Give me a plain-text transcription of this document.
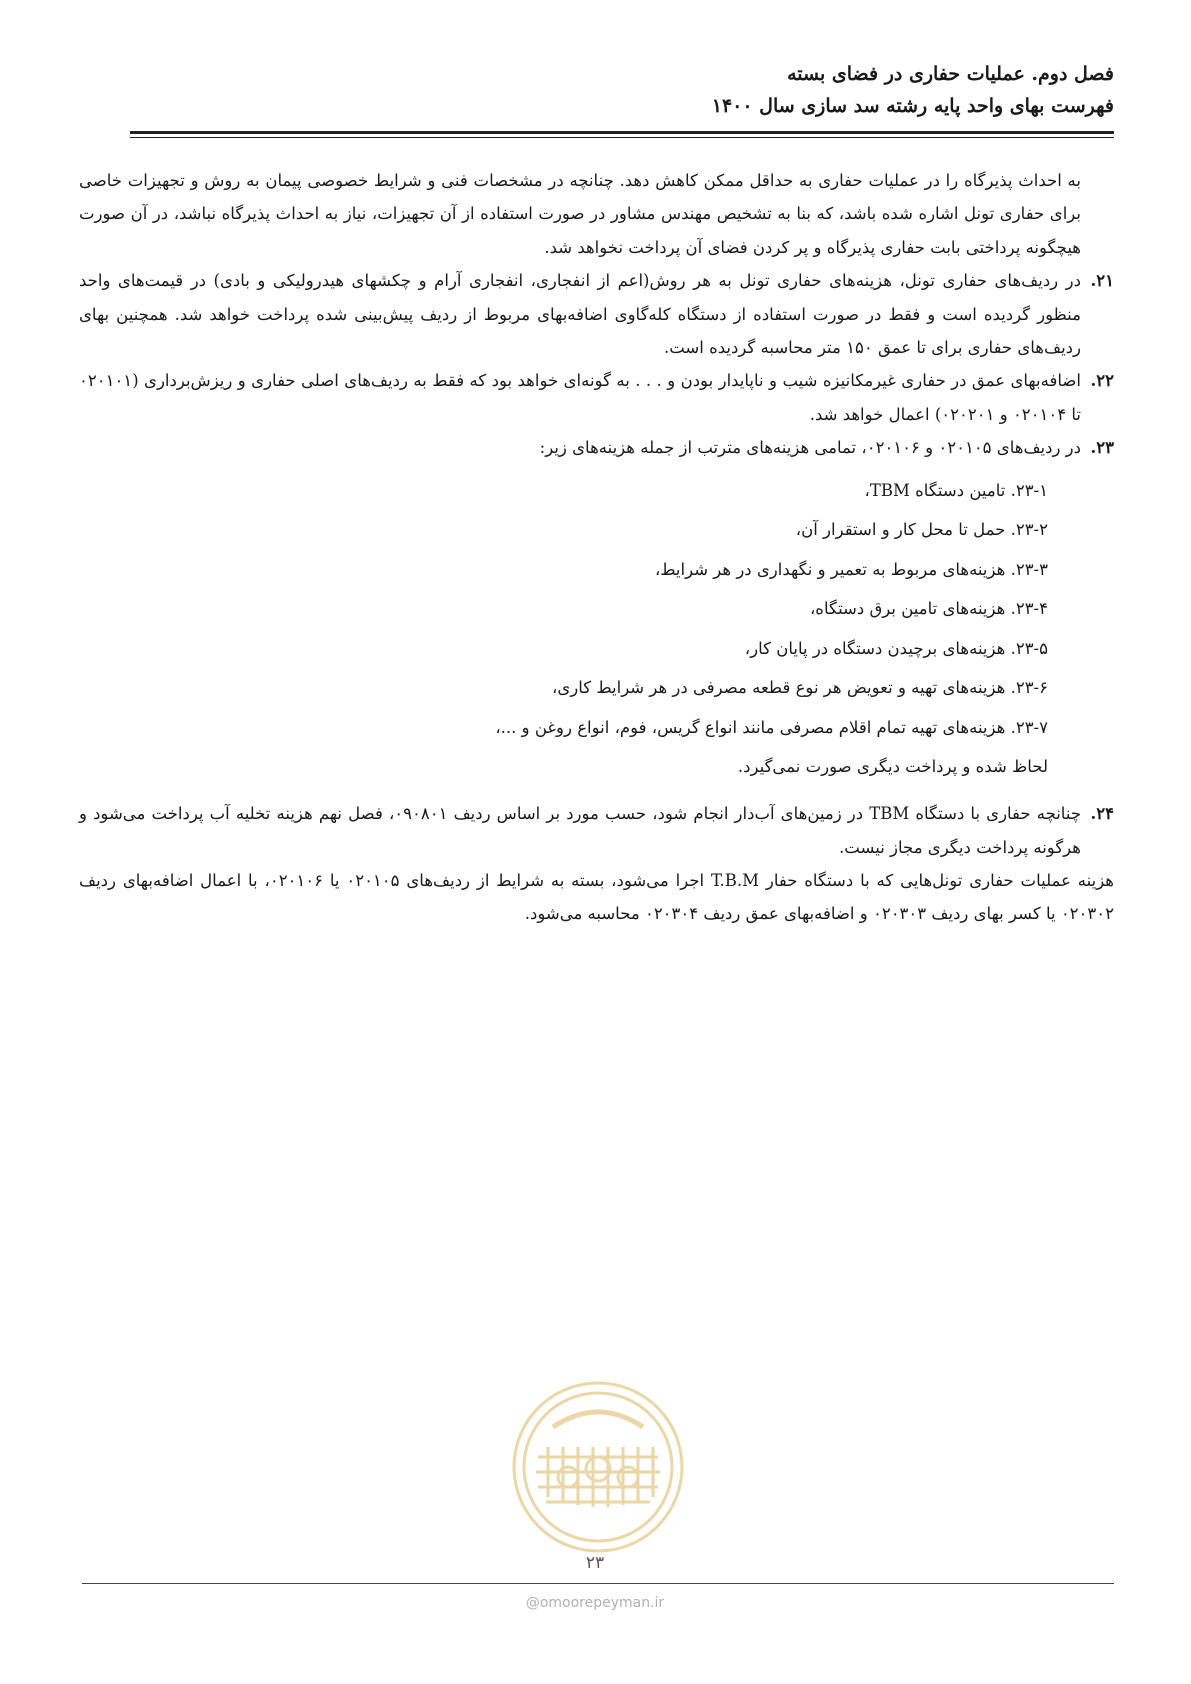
فصل دوم. عملیات حفاری در فضای بسته
فهرست بهای واحد پایه رشته سد سازی سال ۱۴۰۰

به احداث پذیرگاه را در عملیات حفاری به حداقل ممکن کاهش دهد. چنانچه در مشخصات فنی و شرایط خصوصی پیمان به روش و تجهیزات خاصی برای حفاری تونل اشاره شده باشد، که بنا به تشخیص مهندس مشاور در صورت استفاده از آن تجهیزات، نیاز به احداث پذیرگاه نباشد، در آن صورت هیچگونه پرداختی بابت حفاری پذیرگاه و پر کردن فضای آن پرداخت نخواهد شد.

۲۱.
در ردیف‌های حفاری تونل، هزینه‌های حفاری تونل به هر روش(اعم از انفجاری، انفجاری آرام و چکشهای هیدرولیکی و بادی) در قیمت‌های واحد منظور گردیده است و فقط در صورت استفاده از دستگاه کله‌گاوی اضافه‌بهای مربوط از ردیف پیش‌بینی شده پرداخت خواهد شد. همچنین بهای ردیف‌های حفاری برای تا عمق ۱۵۰ متر محاسبه گردیده است.
۲۲.
اضافه‌بهای عمق در حفاری غیرمکانیزه شیب و ناپایدار بودن و . . . به گونه‌ای خواهد بود که فقط به ردیف‌های اصلی حفاری و ریزش‌برداری (۰۲۰۱۰۱ تا ۰۲۰۱۰۴ و ۰۲۰۲۰۱) اعمال خواهد شد.
۲۳.
در ردیف‌های ۰۲۰۱۰۵ و ۰۲۰۱۰۶، تمامی هزینه‌های مترتب از جمله هزینه‌های زیر:

۲۳-۱. تامین دستگاه TBM،

۲۳-۲. حمل تا محل کار و استقرار آن،

۲۳-۳. هزینه‌های مربوط به تعمیر و نگهداری در هر شرایط،

۲۳-۴. هزینه‌های تامین برق دستگاه،

۲۳-۵. هزینه‌های برچیدن دستگاه در پایان کار،

۲۳-۶. هزینه‌های تهیه و تعویض هر نوع قطعه مصرفی در هر شرایط کاری،

۲۳-۷. هزینه‌های تهیه تمام اقلام مصرفی مانند انواع گریس، فوم، انواع روغن و ...،

لحاظ شده و پرداخت دیگری صورت نمی‌گیرد.

۲۴.
چنانچه حفاری با دستگاه TBM در زمین‌های آب‌دار انجام شود، حسب مورد بر اساس ردیف ۰۹۰۸۰۱، فصل نهم هزینه تخلیه آب پرداخت می‌شود و هرگونه پرداخت دیگری مجاز نیست.

هزینه عملیات حفاری تونل‌هایی که با دستگاه حفار T.B.M اجرا می‌شود، بسته به شرایط از ردیف‌های ۰۲۰۱۰۵ یا ۰۲۰۱۰۶، با اعمال اضافه‌بهای ردیف ۰۲۰۳۰۲ یا کسر بهای ردیف ۰۲۰۳۰۳ و اضافه‌بهای عمق ردیف ۰۲۰۳۰۴ محاسبه می‌شود.

۲۳
@omoorepeyman.ir
